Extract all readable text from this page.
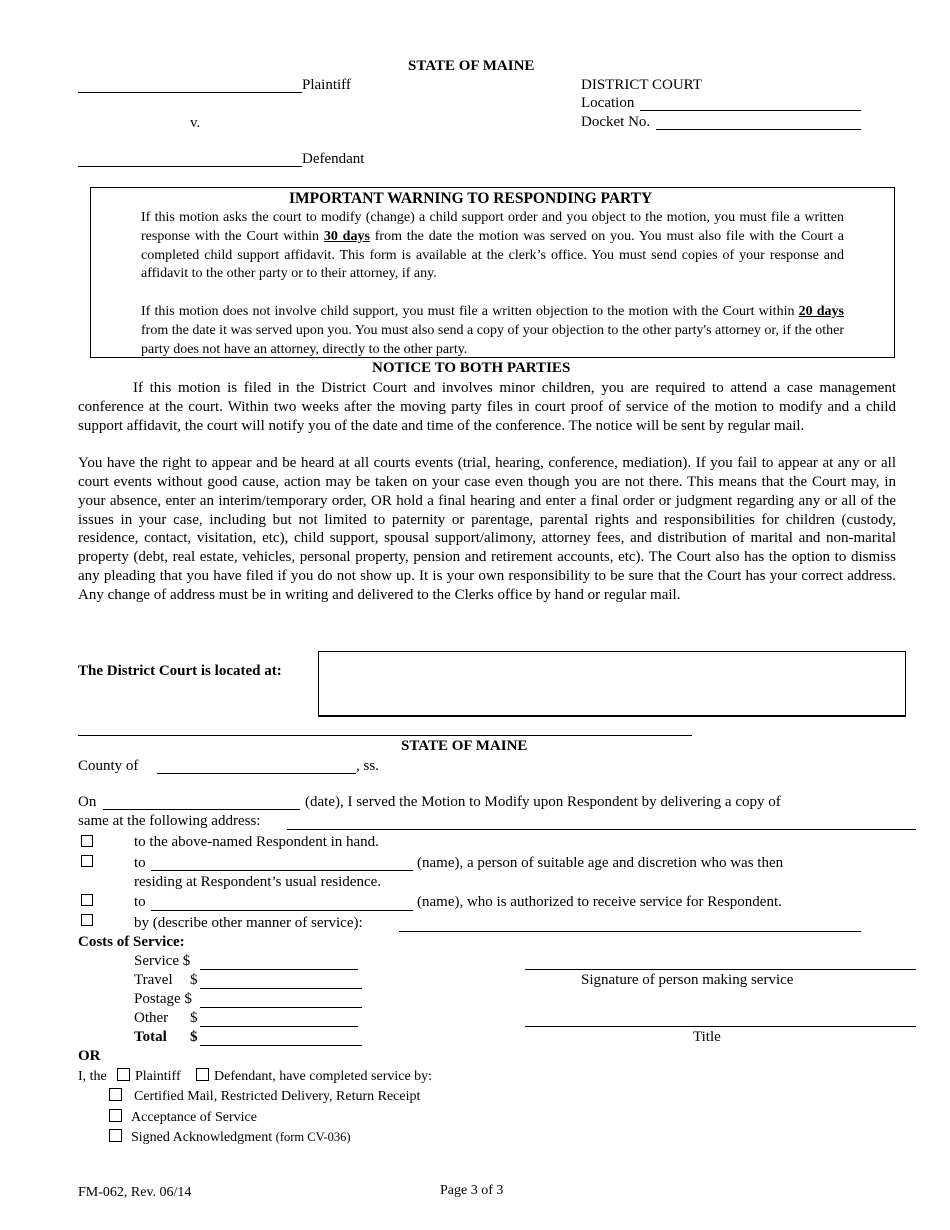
STATE OF MAINE
Plaintiff
v.
Defendant
DISTRICT COURT
Location
Docket No.
IMPORTANT WARNING TO RESPONDING PARTY

If this motion asks the court to modify (change) a child support order and you object to the motion, you must file a written response with the Court within 30 days from the date the motion was served on you. You must also file with the Court a completed child support affidavit. This form is available at the clerk’s office. You must send copies of your response and affidavit to the other party or to their attorney, if any.

If this motion does not involve child support, you must file a written objection to the motion with the Court within 20 days from the date it was served upon you. You must also send a copy of your objection to the other party's attorney or, if the other party does not have an attorney, directly to the other party.

NOTICE TO BOTH PARTIES

If this motion is filed in the District Court and involves minor children, you are required to attend a case management conference at the court. Within two weeks after the moving party files in court proof of service of the motion to modify and a child support affidavit, the court will notify you of the date and time of the conference. The notice will be sent by regular mail.

You have the right to appear and be heard at all courts events (trial, hearing, conference, mediation). If you fail to appear at any or all court events without good cause, action may be taken on your case even though you are not there. This means that the Court may, in your absence, enter an interim/temporary order, OR hold a final hearing and enter a final order or judgment regarding any or all of the issues in your case, including but not limited to paternity or parentage, parental rights and responsibilities for children (custody, residence, contact, visitation, etc), child support, spousal support/alimony, attorney fees, and distribution of marital and non-marital property (debt, real estate, vehicles, personal property, pension and retirement accounts, etc). The Court also has the option to dismiss any pleading that you have filed if you do not show up. It is your own responsibility to be sure that the Court has your correct address. Any change of address must be in writing and delivered to the Clerks office by hand or regular mail.

The District Court is located at:
STATE OF MAINE
County of	, ss.
On	(date), I served the Motion to Modify upon Respondent by delivering a copy of
same at the following address:
to the above-named Respondent in hand.
to	(name), a person of suitable age and discretion who was then
residing at Respondent’s usual residence.
to	(name), who is authorized to receive service for Respondent.
by (describe other manner of service):
Costs of Service:
Service $
Travel $
Postage $
Other $
Total $
Signature of person making service
Title
OR
I, the Plaintiff Defendant, have completed service by:
Certified Mail, Restricted Delivery, Return Receipt
Acceptance of Service
Signed Acknowledgment (form CV-036)
FM-062, Rev. 06/14	Page 3 of 3
